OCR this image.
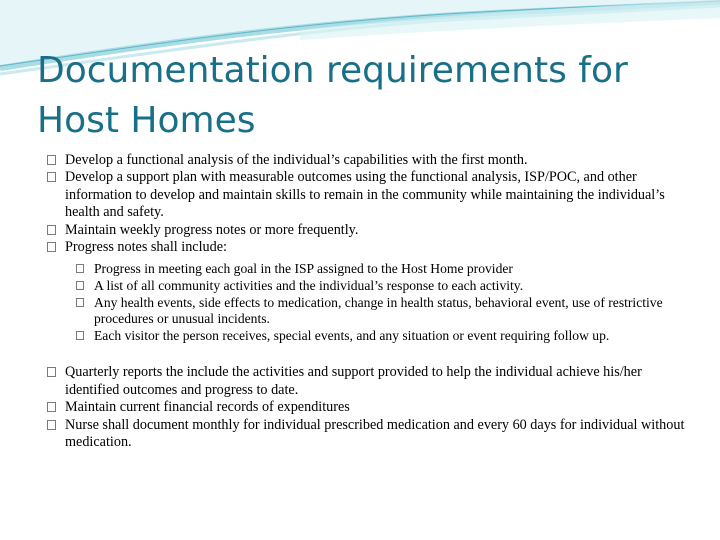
Documentation requirements for Host Homes
Develop a functional analysis of the individual’s capabilities with the first month.
Develop a support plan with measurable outcomes using the functional analysis, ISP/POC, and other information to develop and maintain skills to remain in the community while maintaining the individual’s health and safety.
Maintain weekly progress notes or more frequently.
Progress notes shall include:
Progress in meeting each goal in the ISP assigned to the Host Home provider
A list of all community activities and the individual’s response to each activity.
Any health events, side effects to medication, change in health status, behavioral event, use of restrictive procedures or unusual incidents.
Each visitor the person receives, special events, and any situation or event requiring follow up.
Quarterly reports the include the activities and support provided to help the individual achieve his/her identified outcomes and progress to date.
Maintain current financial records of expenditures
Nurse shall document monthly for individual prescribed medication and every 60 days for individual without medication.
